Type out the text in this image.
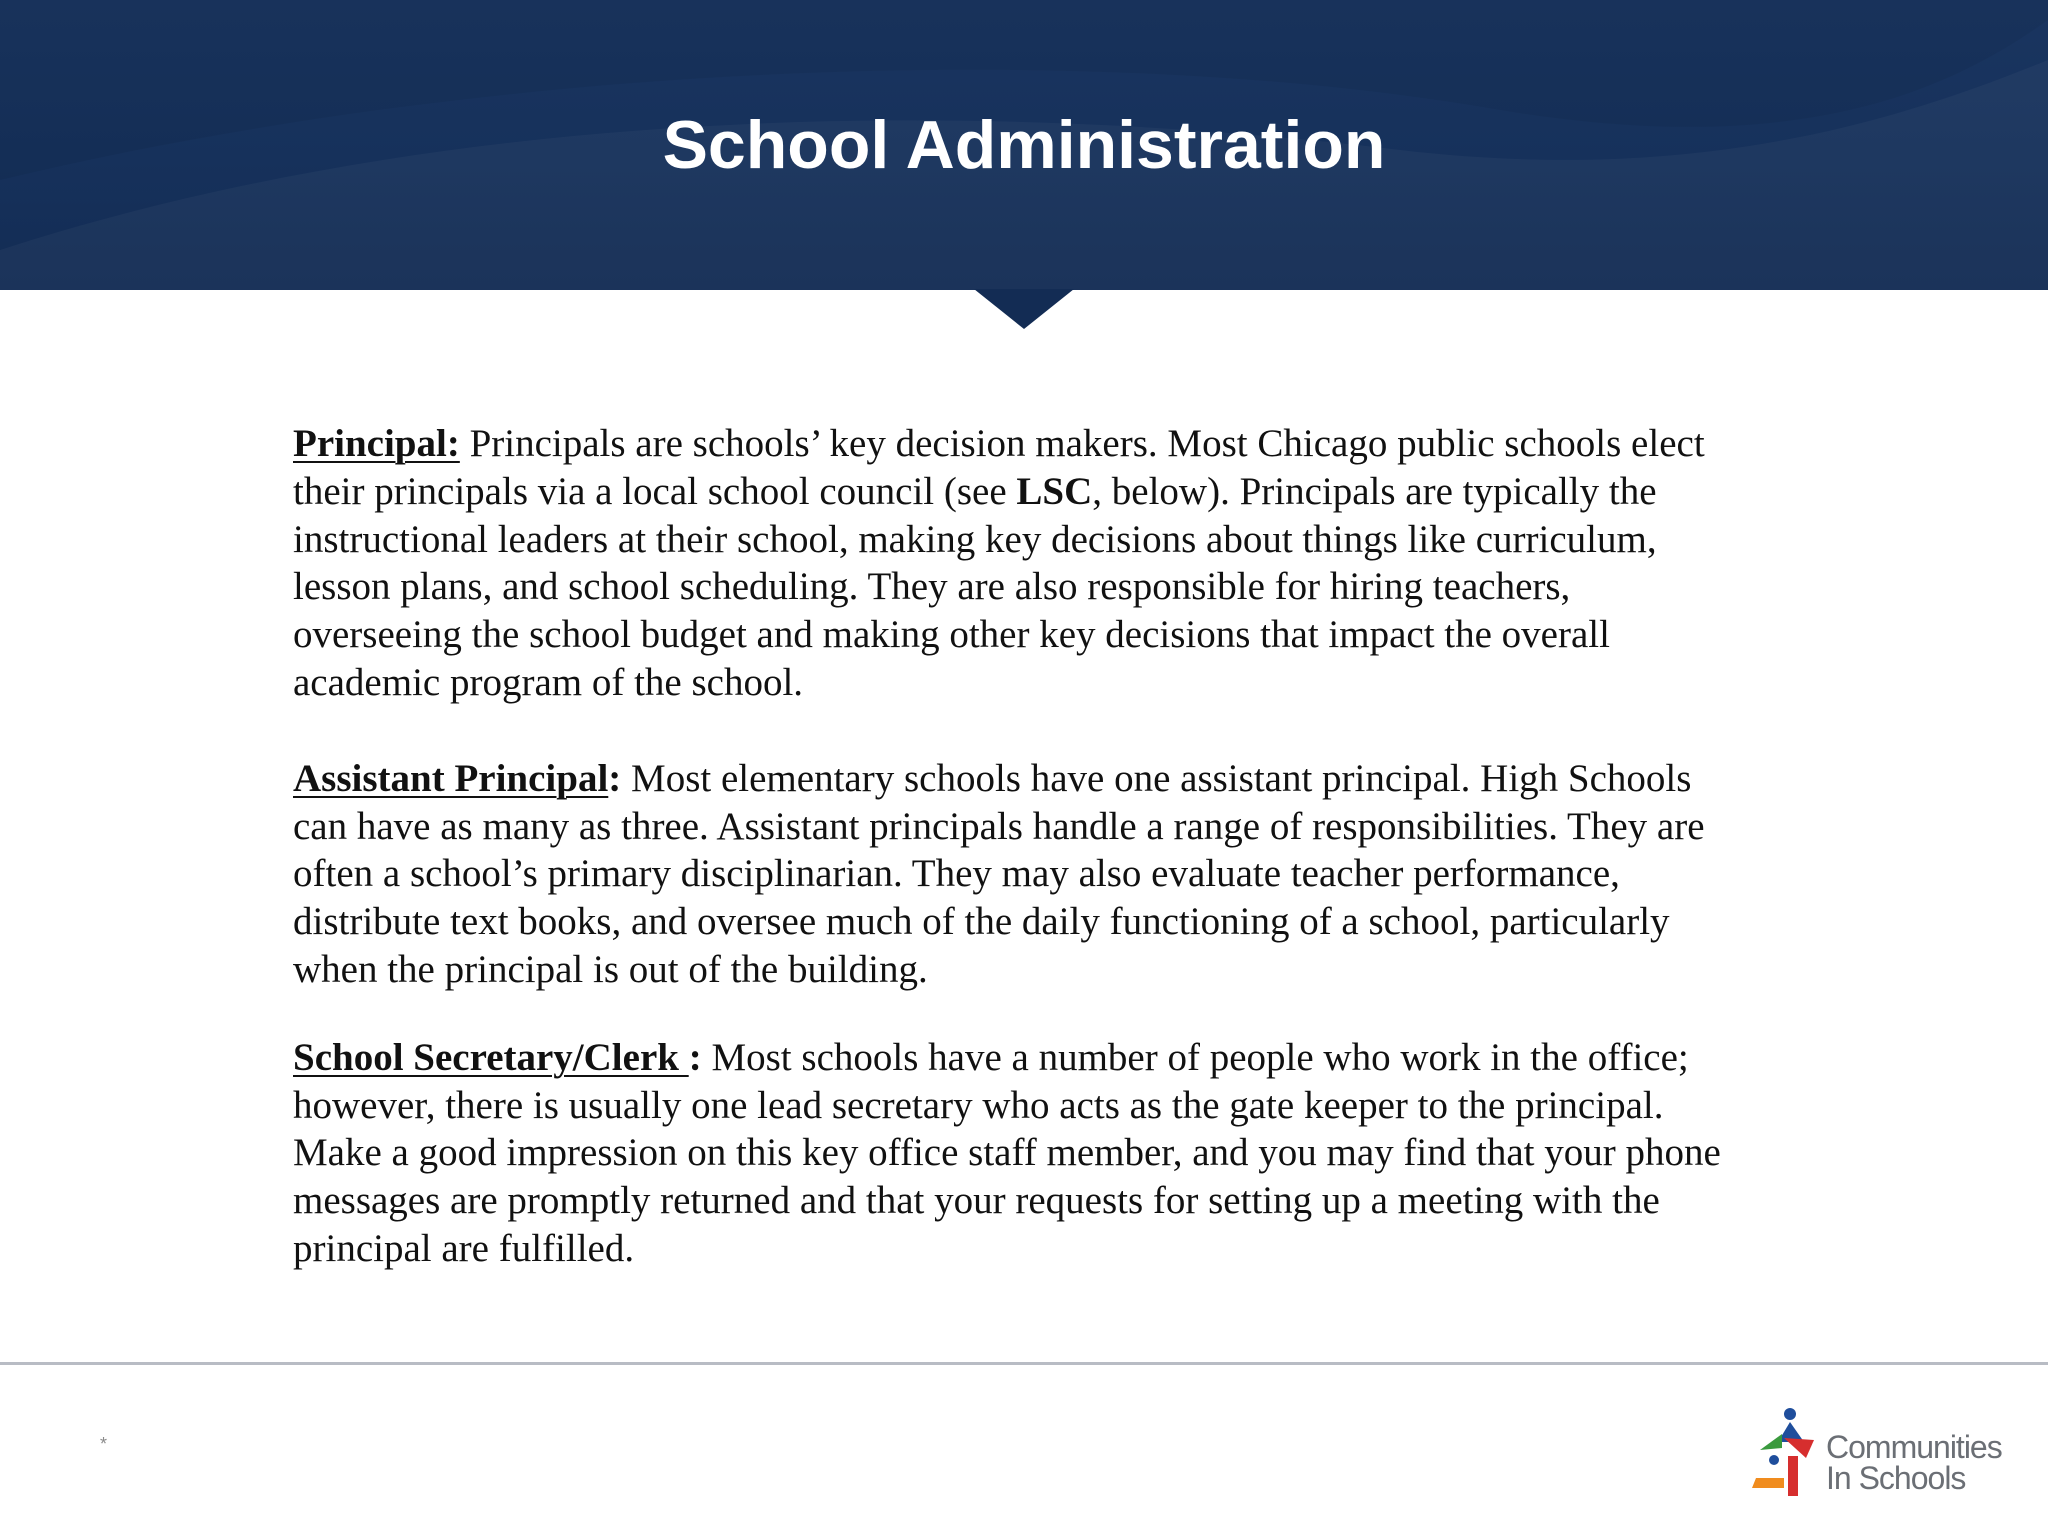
School Administration

Principal: Principals are schools’ key decision makers. Most Chicago public schools elect their principals via a local school council (see LSC, below). Principals are typically the instructional leaders at their school, making key decisions about things like curriculum, lesson plans, and school scheduling. They are also responsible for hiring teachers, overseeing the school budget and making other key decisions that impact the overall academic program of the school.

Assistant Principal: Most elementary schools have one assistant principal. High Schools can have as many as three. Assistant principals handle a range of responsibilities. They are often a school’s primary disciplinarian. They may also evaluate teacher performance, distribute text books, and oversee much of the daily functioning of a school, particularly when the principal is out of the building.

School Secretary/Clerk : Most schools have a number of people who work in the office; however, there is usually one lead secretary who acts as the gate keeper to the principal. Make a good impression on this key office staff member, and you may find that your phone messages are promptly returned and that your requests for setting up a meeting with the principal are fulfilled.

*	Communities
In Schools
